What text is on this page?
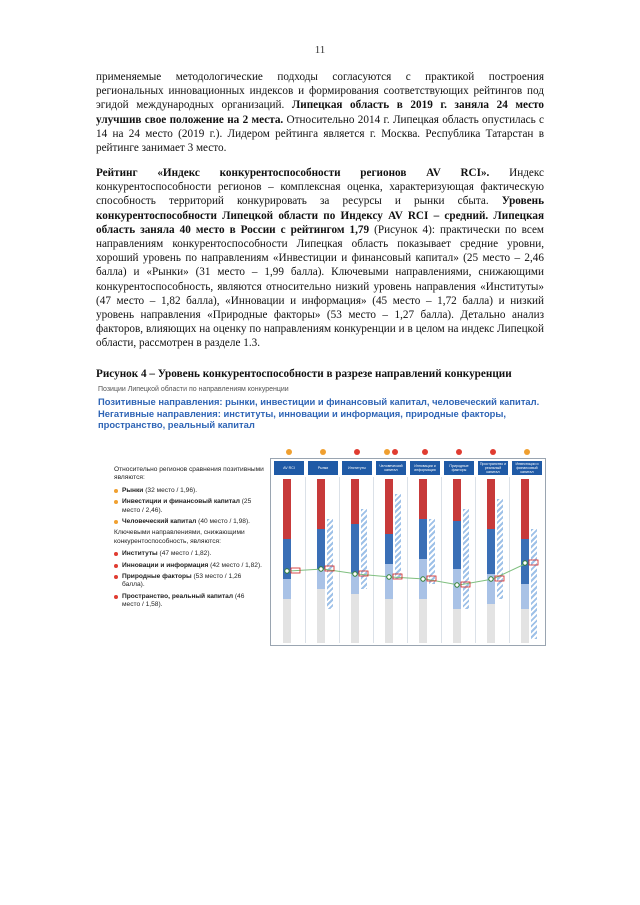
11
применяемые методологические подходы согласуются с практикой построения региональных инновационных индексов и формирования соответствующих рейтингов под эгидой международных организаций. Липецкая область в 2019 г. заняла 24 место улучшив свое положение на 2 места. Относительно 2014 г. Липецкая область опустилась с 14 на 24 место (2019 г.). Лидером рейтинга является г. Москва. Республика Татарстан в рейтинге занимает 3 место.
Рейтинг «Индекс конкурентоспособности регионов AV RCI». Индекс конкурентоспособности регионов – комплексная оценка, характеризующая фактическую способность территорий конкурировать за ресурсы и рынки сбыта. Уровень конкурентоспособности Липецкой области по Индексу AV RCI – средний. Липецкая область заняла 40 место в России с рейтингом 1,79 (Рисунок 4): практически по всем направлениям конкурентоспособности Липецкая область показывает средние уровни, хороший уровень по направлениям «Инвестиции и финансовый капитал» (25 место – 2,46 балла) и «Рынки» (31 место – 1,99 балла). Ключевыми направлениями, снижающими конкурентоспособность, являются относительно низкий уровень направления «Институты» (47 место – 1,82 балла), «Инновации и информация» (45 место – 1,72 балла) и низкий уровень направления «Природные факторы» (53 место – 1,27 балла). Детально анализ факторов, влияющих на оценку по направлениям конкуренции и в целом на индекс Липецкой области, рассмотрен в разделе 1.3.
Рисунок 4 – Уровень конкурентоспособности в разрезе направлений конкуренции
Позиции Липецкой области по направлениям конкуренции
Позитивные направления: рынки, инвестиции и финансовый капитал, человеческий капитал.
Негативные направления: институты, инновации и информация, природные факторы, пространство, реальный капитал
Относительно регионов сравнения позитивными являются:
Рынки (32 место / 1,96).
Инвестиции и финансовый капитал (25 место / 2,46).
Человеческий капитал (40 место / 1,98).
Ключевыми направлениями, снижающими конкурентоспособность, являются:
Институты (47 место / 1,82).
Инновации и информация (42 место / 1,82).
Природные факторы (53 место / 1,26 балла).
Пространство, реальный капитал (46 место / 1,58).
AV RCI	Рынки	Институты	Человеческий капитал
Инновации и информация
Природные факторы
Пространство и реальный капитал
Инвестиции и финансовый капитал
